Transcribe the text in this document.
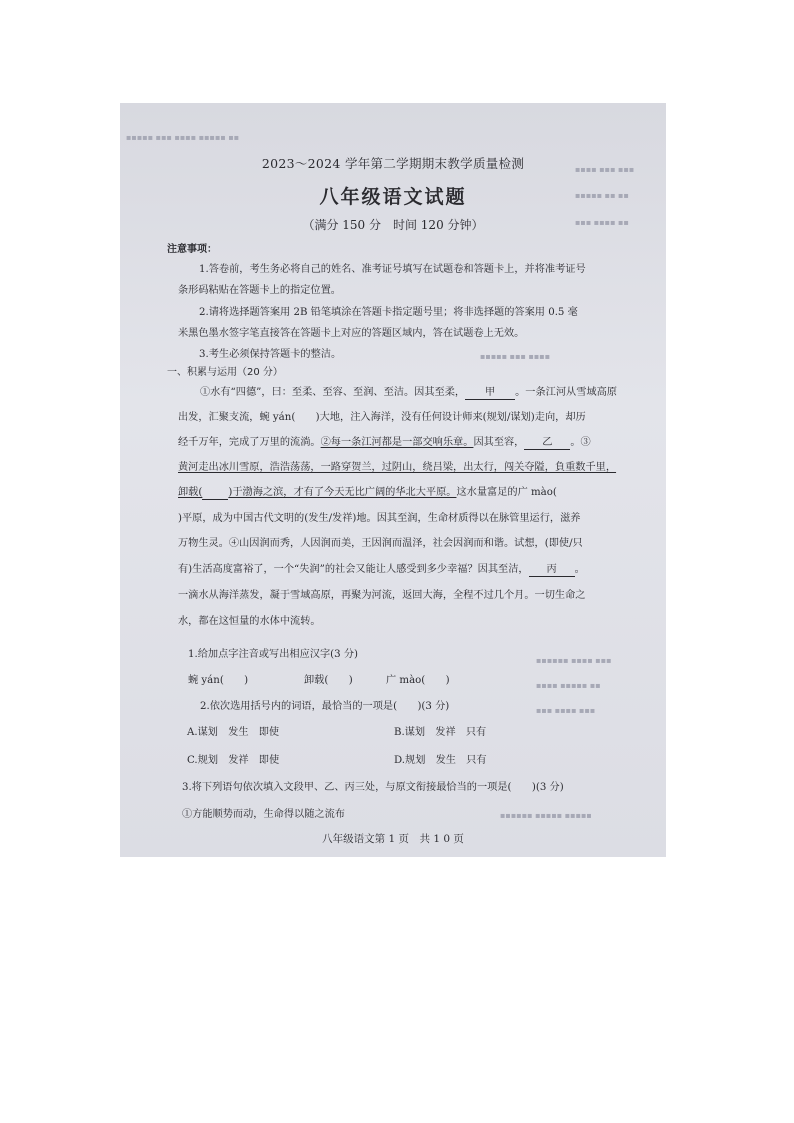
▪▪▪▪▪ ▪▪▪ ▪▪▪▪ ▪▪▪▪▪ ▪▪
▪▪▪▪ ▪▪▪ ▪▪▪
▪▪▪▪▪ ▪▪ ▪▪
▪▪▪ ▪▪▪▪ ▪▪
▪▪▪▪▪ ▪▪▪ ▪▪▪▪
▪▪▪▪▪▪ ▪▪▪▪ ▪▪▪
▪▪▪▪ ▪▪▪▪▪ ▪▪
▪▪▪ ▪▪▪▪ ▪▪▪
▪▪▪▪▪▪ ▪▪▪▪▪ ▪▪▪▪▪
2023～2024 学年第二学期期末教学质量检测
八年级语文试题
（满分 150 分　时间 120 分钟）
注意事项：
1.答卷前，考生务必将自己的姓名、准考证号填写在试题卷和答题卡上，并将准考证号
条形码粘贴在答题卡上的指定位置。
2.请将选择题答案用 2B 铅笔填涂在答题卡指定题号里；将非选择题的答案用 0.5 毫
米黑色墨水签字笔直接答在答题卡上对应的答题区域内，答在试题卷上无效。
3.考生必须保持答题卡的整洁。
一、积累与运用（20 分）
①水有“四德”，曰：至柔、至容、至润、至洁。因其至柔， 甲 。一条江河从雪域高原
出发，汇聚支流，蜿 yán(　　)大地，注入海洋，没有任何设计师来(规划/谋划)走向，却历
经千万年，完成了万里的流淌。②每一条江河都是一部交响乐章。因其至容， 乙 。③
黄河走出冰川雪原，浩浩荡荡，一路穿贺兰，过阴山，绕吕梁，出太行，闯关夺隘，負重数千里，
卸载(　　	)于渤海之滨，才有了今天无比广阔的华北大平原。这水量富足的广 mào(
)平原，成为中国古代文明的(发生/发祥)地。因其至润，生命材质得以在脉管里运行，滋养
万物生灵。④山因润而秀，人因润而美，王因润而温泽，社会因润而和谐。试想，(即使/只
有)生活高度富裕了，一个“失润”的社会又能让人感受到多少幸福？因其至洁， 丙 。
一滴水从海洋蒸发，凝于雪域高原，再聚为河流，返回大海，全程不过几个月。一切生命之
水，都在这恒量的水体中流转。
1.给加点字注音或写出相应汉字(3 分)
蜿 yán(　　)	卸载(　　)	广 mào(　　)
2.依次选用括号内的词语，最恰当的一项是(　　)(3 分)
A.谋划　发生　即使	B.谋划　发祥　只有
C.规划　发祥　即使	D.规划　发生　只有
3.将下列语句依次填入文段甲、乙、丙三处，与原文衔接最恰当的一项是(　　)(3 分)
①方能顺势而动，生命得以随之流布
八年级语文第 1 页　共 1 0 页
